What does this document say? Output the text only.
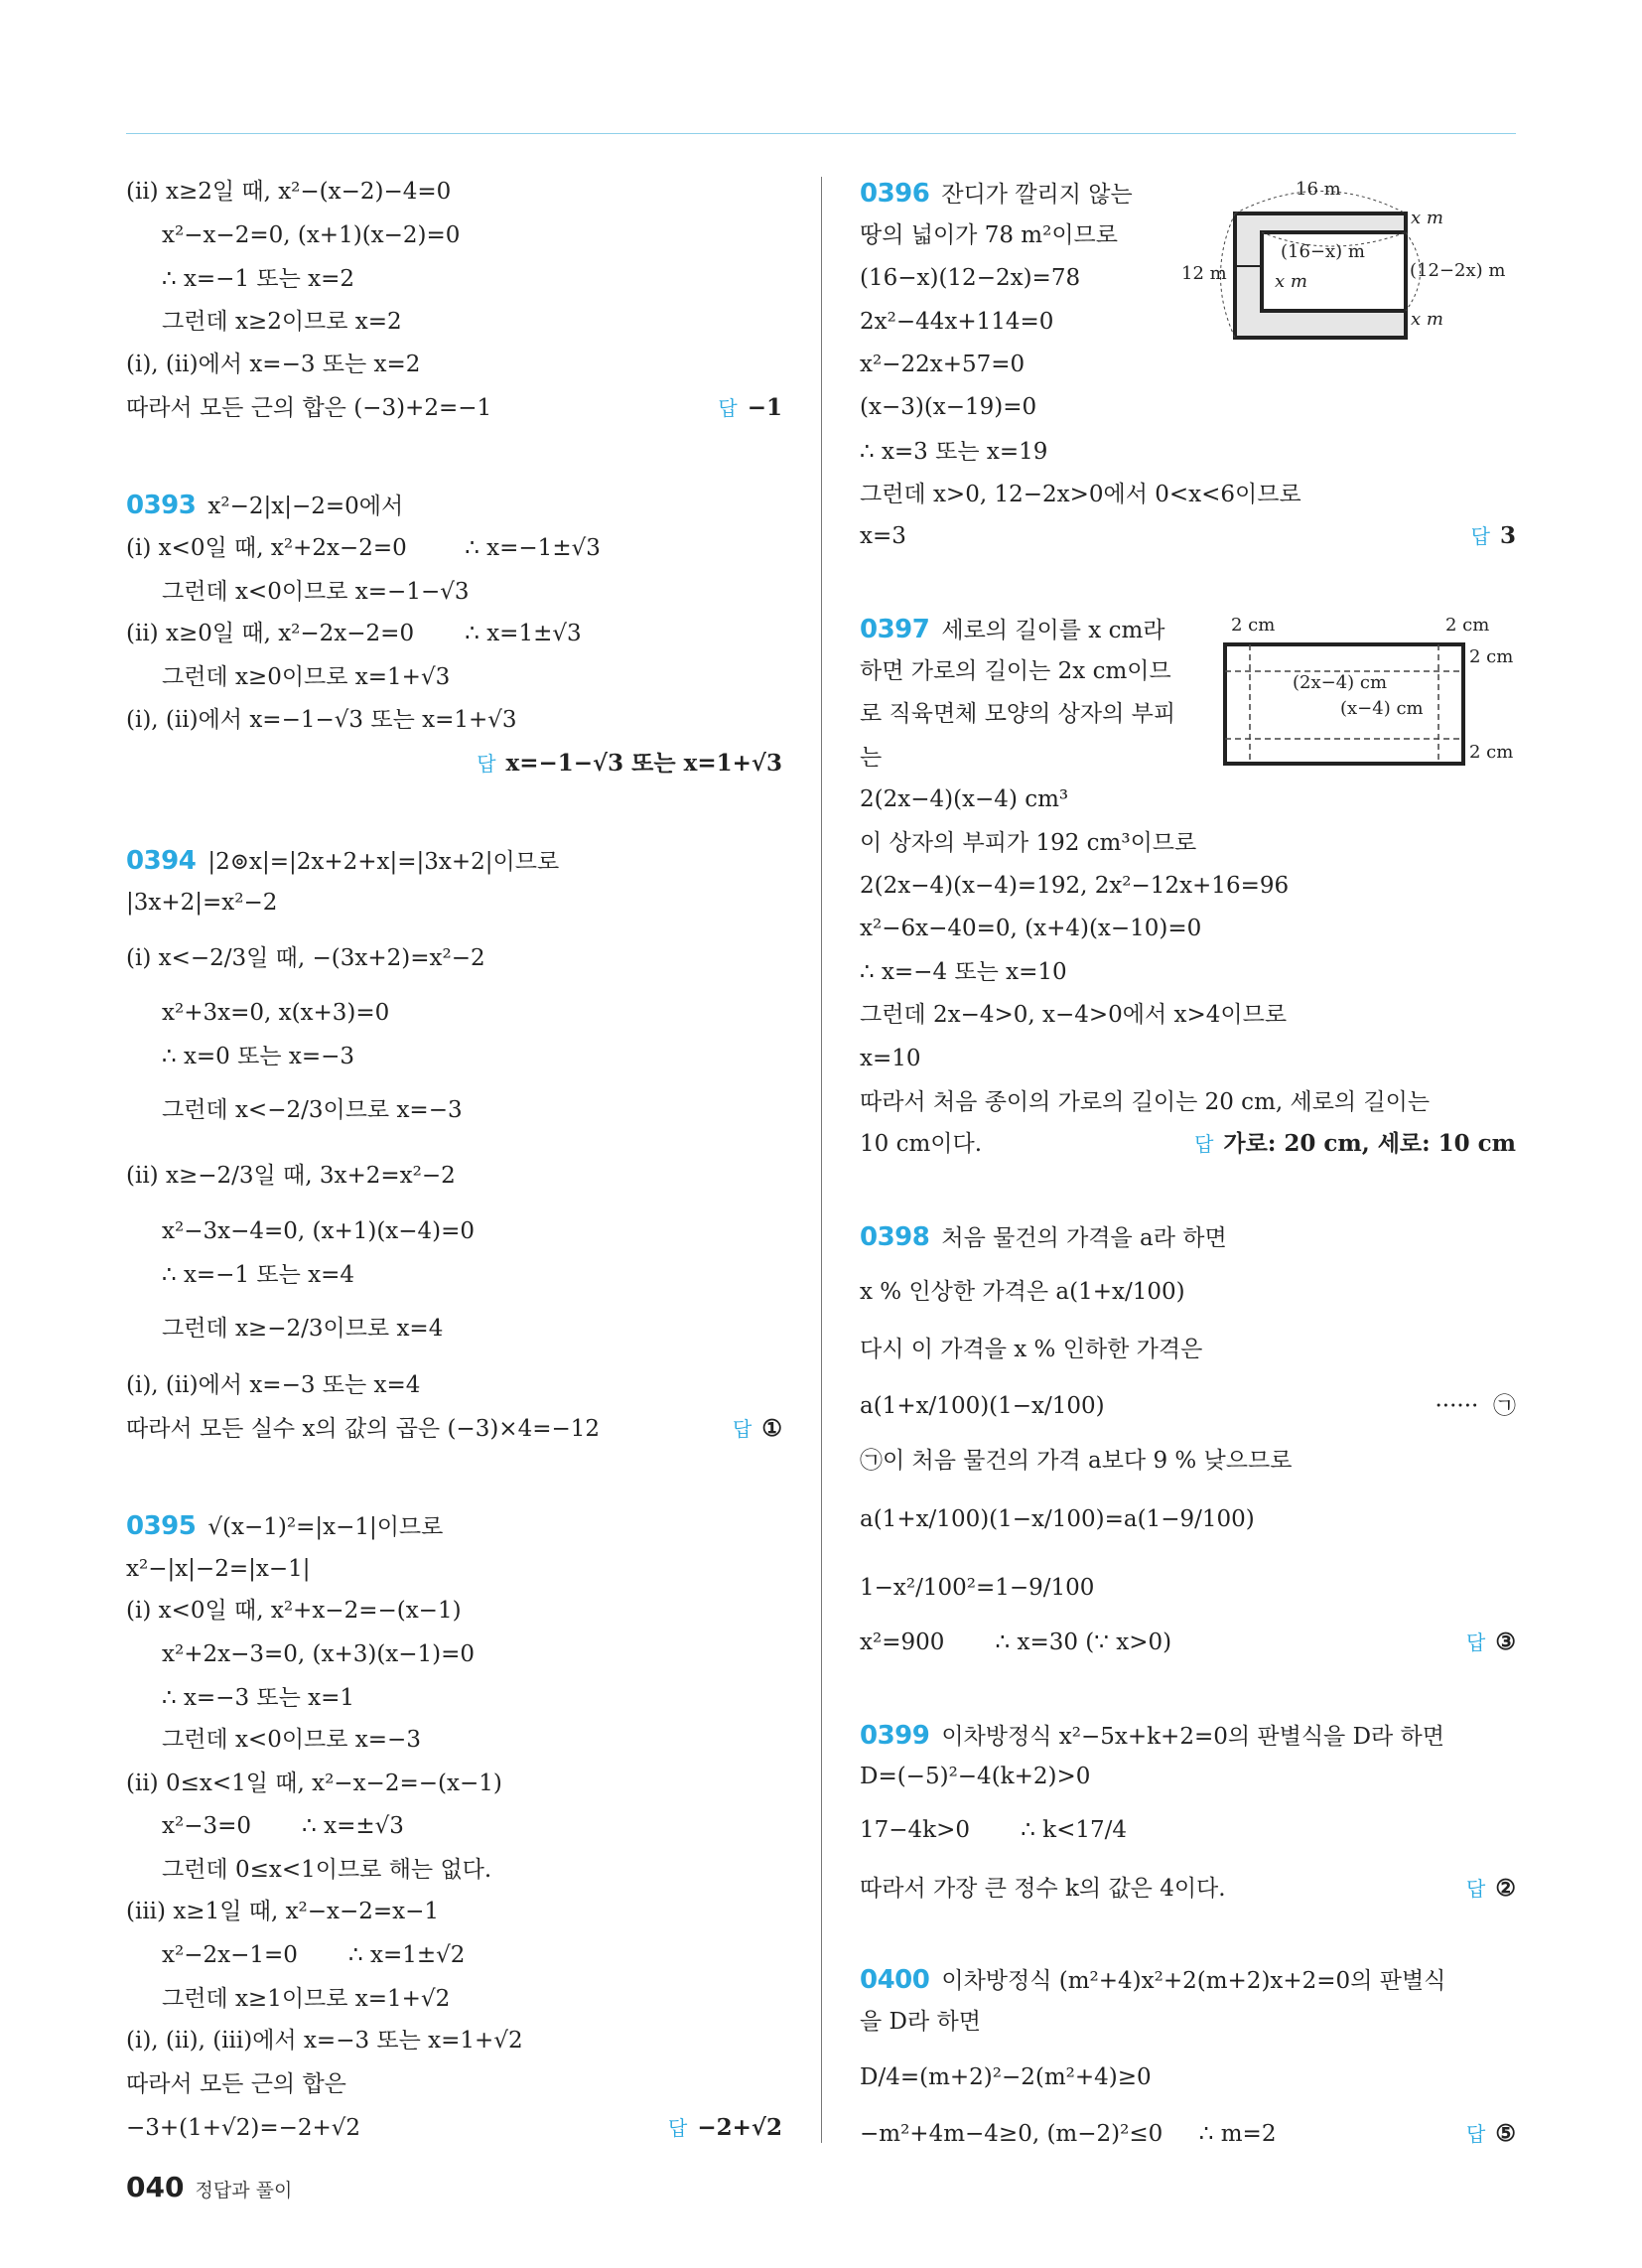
(ii) x≥2일 때, x²−(x−2)−4=0
x²−x−2=0, (x+1)(x−2)=0
∴ x=−1 또는 x=2
그런데 x≥2이므로 x=2
(i), (ii)에서 x=−3 또는 x=2
따라서 모든 근의 합은 (−3)+2=−1	답 −1
0393 x²−2|x|−2=0에서
(i) x<0일 때, x²+2x−2=0        ∴ x=−1±√3
그런데 x<0이므로 x=−1−√3
(ii) x≥0일 때, x²−2x−2=0       ∴ x=1±√3
그런데 x≥0이므로 x=1+√3
(i), (ii)에서 x=−1−√3 또는 x=1+√3
답 x=−1−√3 또는 x=1+√3
0394 |2⊚x|=|2x+2+x|=|3x+2|이므로
|3x+2|=x²−2
(i) x<−2/3일 때, −(3x+2)=x²−2
x²+3x=0, x(x+3)=0
∴ x=0 또는 x=−3
그런데 x<−2/3이므로 x=−3
(ii) x≥−2/3일 때, 3x+2=x²−2
x²−3x−4=0, (x+1)(x−4)=0
∴ x=−1 또는 x=4
그런데 x≥−2/3이므로 x=4
(i), (ii)에서 x=−3 또는 x=4
따라서 모든 실수 x의 값의 곱은 (−3)×4=−12	답 ①
0395 √(x−1)²=|x−1|이므로
x²−|x|−2=|x−1|
(i) x<0일 때, x²+x−2=−(x−1)
x²+2x−3=0, (x+3)(x−1)=0
∴ x=−3 또는 x=1
그런데 x<0이므로 x=−3
(ii) 0≤x<1일 때, x²−x−2=−(x−1)
x²−3=0       ∴ x=±√3
그런데 0≤x<1이므로 해는 없다.
(iii) x≥1일 때, x²−x−2=x−1
x²−2x−1=0       ∴ x=1±√2
그런데 x≥1이므로 x=1+√2
(i), (ii), (iii)에서 x=−3 또는 x=1+√2
따라서 모든 근의 합은
−3+(1+√2)=−2+√2	답 −2+√2
0396 잔디가 깔리지 않는
땅의 넓이가 78 m²이므로
(16−x)(12−2x)=78
2x²−44x+114=0
x²−22x+57=0
(x−3)(x−19)=0
∴ x=3 또는 x=19
그런데 x>0, 12−2x>0에서 0<x<6이므로
x=3	답 3
0397 세로의 길이를 x cm라
하면 가로의 길이는 2x cm이므
로 직육면체 모양의 상자의 부피
는
2(2x−4)(x−4) cm³
이 상자의 부피가 192 cm³이므로
2(2x−4)(x−4)=192, 2x²−12x+16=96
x²−6x−40=0, (x+4)(x−10)=0
∴ x=−4 또는 x=10
그런데 2x−4>0, x−4>0에서 x>4이므로
x=10
따라서 처음 종이의 가로의 길이는 20 cm, 세로의 길이는
10 cm이다.	답 가로: 20 cm, 세로: 10 cm
0398 처음 물건의 가격을 a라 하면
x % 인상한 가격은 a(1+x/100)
다시 이 가격을 x % 인하한 가격은
a(1+x/100)(1−x/100)
㉠이 처음 물건의 가격 a보다 9 % 낮으므로
a(1+x/100)(1−x/100)=a(1−9/100)
1−x²/100²=1−9/100
x²=900       ∴ x=30 (∵ x>0)
······  ㉠
답 ③
0399 이차방정식 x²−5x+k+2=0의 판별식을 D라 하면
D=(−5)²−4(k+2)>0
17−4k>0       ∴ k<17/4
따라서 가장 큰 정수 k의 값은 4이다.	답 ②
0400 이차방정식 (m²+4)x²+2(m+2)x+2=0의 판별식
을 D라 하면
D/4=(m+2)²−2(m²+4)≥0
−m²+4m−4≥0, (m−2)²≤0     ∴ m=2	답 ⑤
16 m
x m
(12−2x) m
x m
12 m
(16−x) m
x m
2 cm	2 cm
2 cm
(2x−4) cm
(x−4) cm
2 cm
040 정답과 풀이
